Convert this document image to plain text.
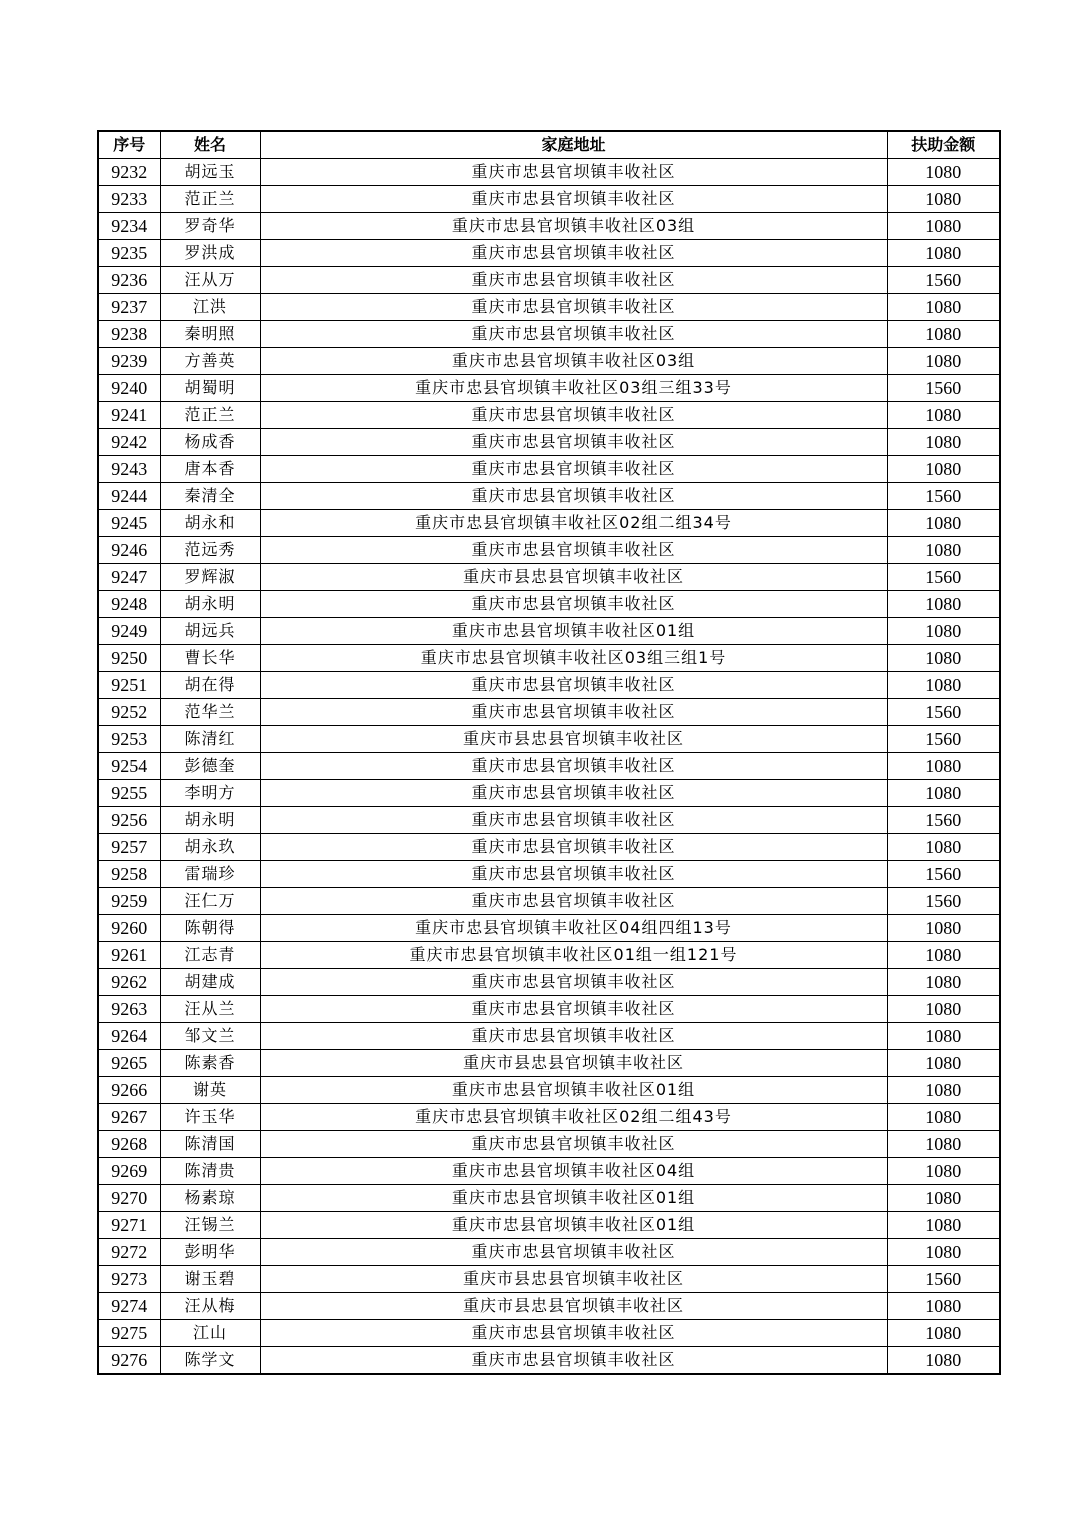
序号	姓名	家庭地址	扶助金额
9232	胡远玉	重庆市忠县官坝镇丰收社区	1080
9233	范正兰	重庆市忠县官坝镇丰收社区	1080
9234	罗奇华	重庆市忠县官坝镇丰收社区03组	1080
9235	罗洪成	重庆市忠县官坝镇丰收社区	1080
9236	汪从万	重庆市忠县官坝镇丰收社区	1560
9237	江洪	重庆市忠县官坝镇丰收社区	1080
9238	秦明照	重庆市忠县官坝镇丰收社区	1080
9239	方善英	重庆市忠县官坝镇丰收社区03组	1080
9240	胡蜀明	重庆市忠县官坝镇丰收社区03组三组33号	1560
9241	范正兰	重庆市忠县官坝镇丰收社区	1080
9242	杨成香	重庆市忠县官坝镇丰收社区	1080
9243	唐本香	重庆市忠县官坝镇丰收社区	1080
9244	秦清全	重庆市忠县官坝镇丰收社区	1560
9245	胡永和	重庆市忠县官坝镇丰收社区02组二组34号	1080
9246	范远秀	重庆市忠县官坝镇丰收社区	1080
9247	罗辉淑	重庆市县忠县官坝镇丰收社区	1560
9248	胡永明	重庆市忠县官坝镇丰收社区	1080
9249	胡远兵	重庆市忠县官坝镇丰收社区01组	1080
9250	曹长华	重庆市忠县官坝镇丰收社区03组三组1号	1080
9251	胡在得	重庆市忠县官坝镇丰收社区	1080
9252	范华兰	重庆市忠县官坝镇丰收社区	1560
9253	陈清红	重庆市县忠县官坝镇丰收社区	1560
9254	彭德奎	重庆市忠县官坝镇丰收社区	1080
9255	李明方	重庆市忠县官坝镇丰收社区	1080
9256	胡永明	重庆市忠县官坝镇丰收社区	1560
9257	胡永玖	重庆市忠县官坝镇丰收社区	1080
9258	雷瑞珍	重庆市忠县官坝镇丰收社区	1560
9259	汪仁万	重庆市忠县官坝镇丰收社区	1560
9260	陈朝得	重庆市忠县官坝镇丰收社区04组四组13号	1080
9261	江志青	重庆市忠县官坝镇丰收社区01组一组121号	1080
9262	胡建成	重庆市忠县官坝镇丰收社区	1080
9263	汪从兰	重庆市忠县官坝镇丰收社区	1080
9264	邹文兰	重庆市忠县官坝镇丰收社区	1080
9265	陈素香	重庆市县忠县官坝镇丰收社区	1080
9266	谢英	重庆市忠县官坝镇丰收社区01组	1080
9267	许玉华	重庆市忠县官坝镇丰收社区02组二组43号	1080
9268	陈清国	重庆市忠县官坝镇丰收社区	1080
9269	陈清贵	重庆市忠县官坝镇丰收社区04组	1080
9270	杨素琼	重庆市忠县官坝镇丰收社区01组	1080
9271	汪锡兰	重庆市忠县官坝镇丰收社区01组	1080
9272	彭明华	重庆市忠县官坝镇丰收社区	1080
9273	谢玉碧	重庆市县忠县官坝镇丰收社区	1560
9274	汪从梅	重庆市县忠县官坝镇丰收社区	1080
9275	江山	重庆市忠县官坝镇丰收社区	1080
9276	陈学文	重庆市忠县官坝镇丰收社区	1080
